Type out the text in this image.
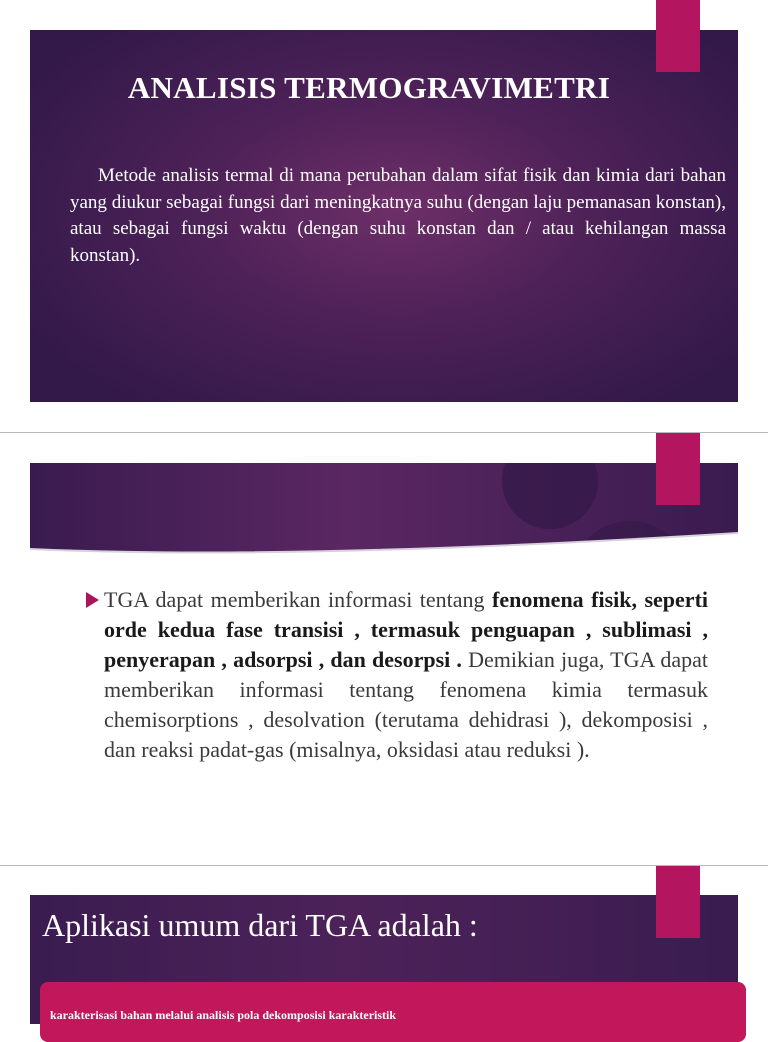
ANALISIS TERMOGRAVIMETRI
Metode analisis termal di mana perubahan dalam sifat fisik dan kimia dari bahan yang diukur sebagai fungsi dari meningkatnya suhu (dengan laju pemanasan konstan), atau sebagai fungsi waktu (dengan suhu konstan dan / atau kehilangan massa konstan).
TGA dapat memberikan informasi tentang fenomena fisik, seperti orde kedua fase transisi , termasuk penguapan , sublimasi , penyerapan , adsorpsi , dan desorpsi . Demikian juga, TGA dapat memberikan informasi tentang fenomena kimia termasuk chemisorptions , desolvation (terutama dehidrasi ), dekomposisi , dan reaksi padat-gas (misalnya, oksidasi atau reduksi ).
Aplikasi umum dari TGA adalah :
karakterisasi bahan melalui analisis pola dekomposisi karakteristik
